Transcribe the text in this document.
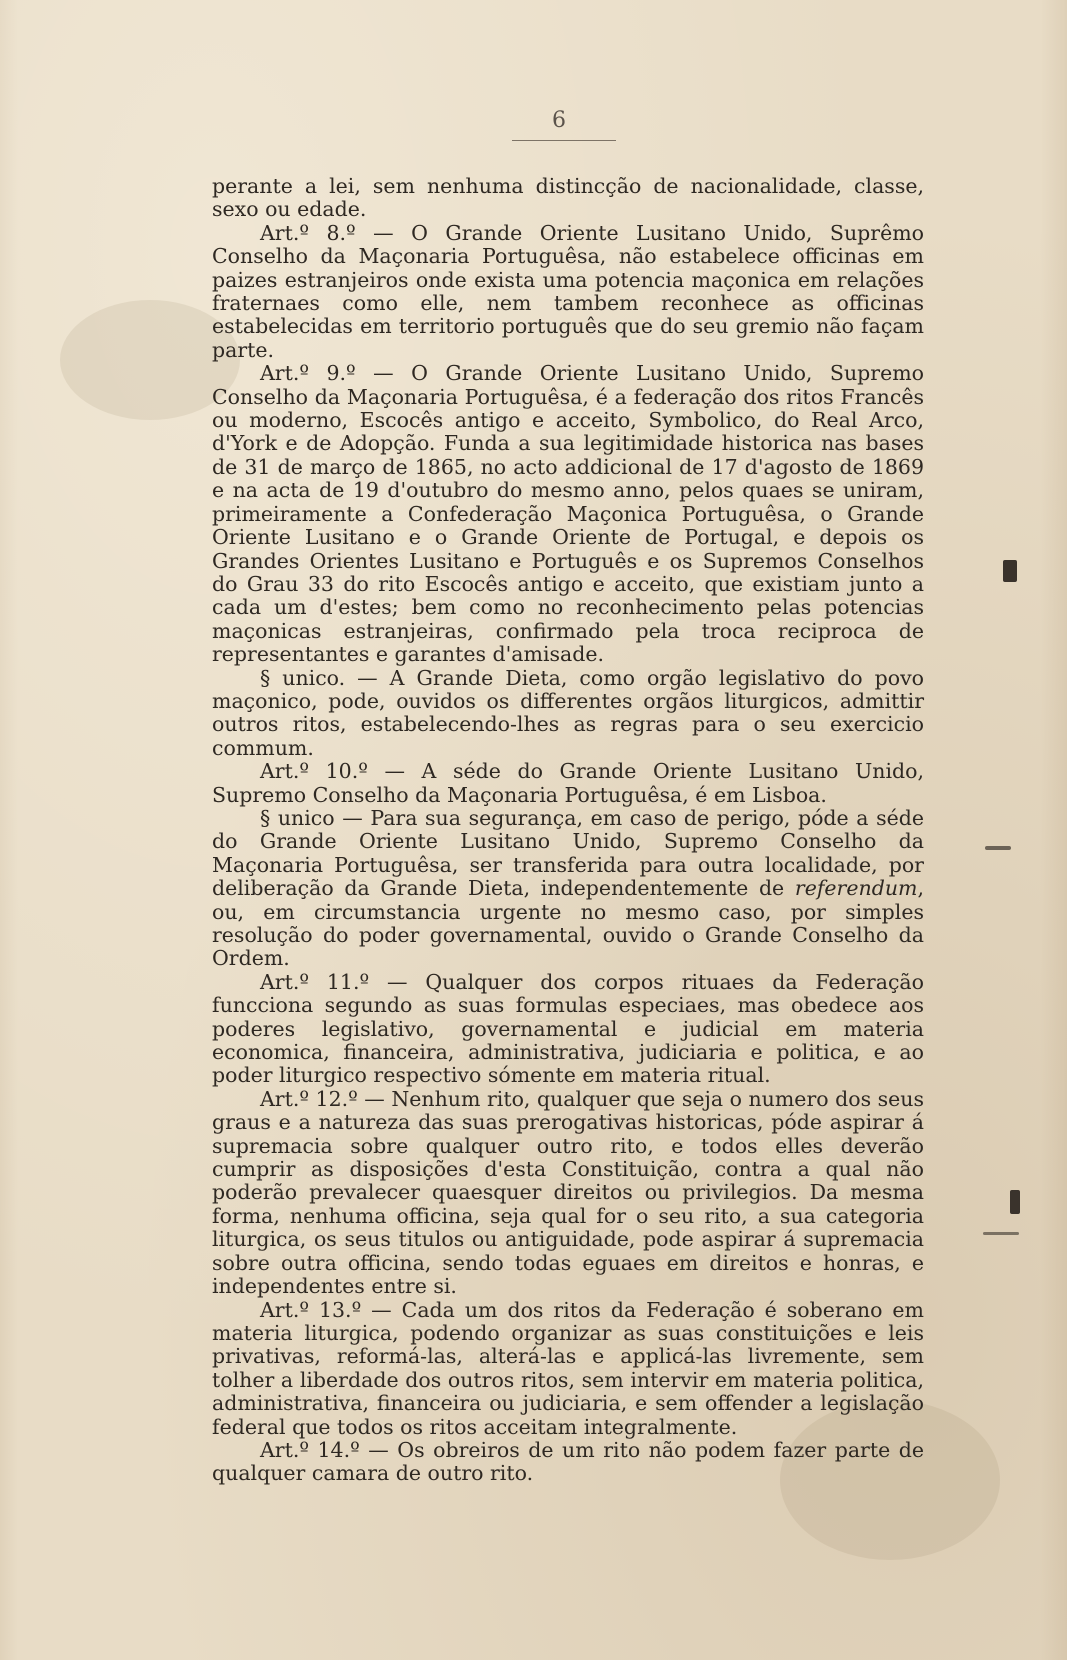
6

perante a lei, sem nenhuma distincção de nacionalidade, classe, sexo ou edade.

Art.º 8.º — O Grande Oriente Lusitano Unido, Suprêmo Conselho da Maçonaria Portuguêsa, não estabelece officinas em paizes estranjeiros onde exista uma potencia maçonica em relações fraternaes como elle, nem tambem reconhece as officinas estabelecidas em territorio português que do seu gremio não façam parte.

Art.º 9.º — O Grande Oriente Lusitano Unido, Supremo Conselho da Maçonaria Portuguêsa, é a federação dos ritos Francês ou moderno, Escocês antigo e acceito, Symbolico, do Real Arco, d'York e de Adopção. Funda a sua legitimidade historica nas bases de 31 de março de 1865, no acto addicional de 17 d'agosto de 1869 e na acta de 19 d'outubro do mesmo anno, pelos quaes se uniram, primeiramente a Confederação Maçonica Portuguêsa, o Grande Oriente Lusitano e o Grande Oriente de Portugal, e depois os Grandes Orientes Lusitano e Português e os Supremos Conselhos do Grau 33 do rito Escocês antigo e acceito, que existiam junto a cada um d'estes; bem como no reconhecimento pelas potencias maçonicas estranjeiras, confirmado pela troca reciproca de representantes e garantes d'amisade.

§ unico. — A Grande Dieta, como orgão legislativo do povo maçonico, pode, ouvidos os differentes orgãos liturgicos, admittir outros ritos, estabelecendo-lhes as regras para o seu exercicio commum.

Art.º 10.º — A séde do Grande Oriente Lusitano Unido, Supremo Conselho da Maçonaria Portuguêsa, é em Lisboa.

§ unico — Para sua segurança, em caso de perigo, póde a séde do Grande Oriente Lusitano Unido, Supremo Conselho da Maçonaria Portuguêsa, ser transferida para outra localidade, por deliberação da Grande Dieta, independentemente de referendum, ou, em circumstancia urgente no mesmo caso, por simples resolução do poder governamental, ouvido o Grande Conselho da Ordem.

Art.º 11.º — Qualquer dos corpos rituaes da Federação funcciona segundo as suas formulas especiaes, mas obedece aos poderes legislativo, governamental e judicial em materia economica, financeira, administrativa, judiciaria e politica, e ao poder liturgico respectivo sómente em materia ritual.

Art.º 12.º — Nenhum rito, qualquer que seja o numero dos seus graus e a natureza das suas prerogativas historicas, póde aspirar á supremacia sobre qualquer outro rito, e todos elles deverão cumprir as disposições d'esta Constituição, contra a qual não poderão prevalecer quaesquer direitos ou privilegios. Da mesma forma, nenhuma officina, seja qual for o seu rito, a sua categoria liturgica, os seus titulos ou antiguidade, pode aspirar á supremacia sobre outra officina, sendo todas eguaes em direitos e honras, e independentes entre si.

Art.º 13.º — Cada um dos ritos da Federação é soberano em materia liturgica, podendo organizar as suas constituições e leis privativas, reformá-las, alterá-las e applicá-las livremente, sem tolher a liberdade dos outros ritos, sem intervir em materia politica, administrativa, financeira ou judiciaria, e sem offender a legislação federal que todos os ritos acceitam integralmente.

Art.º 14.º — Os obreiros de um rito não podem fazer parte de qualquer camara de outro rito.
